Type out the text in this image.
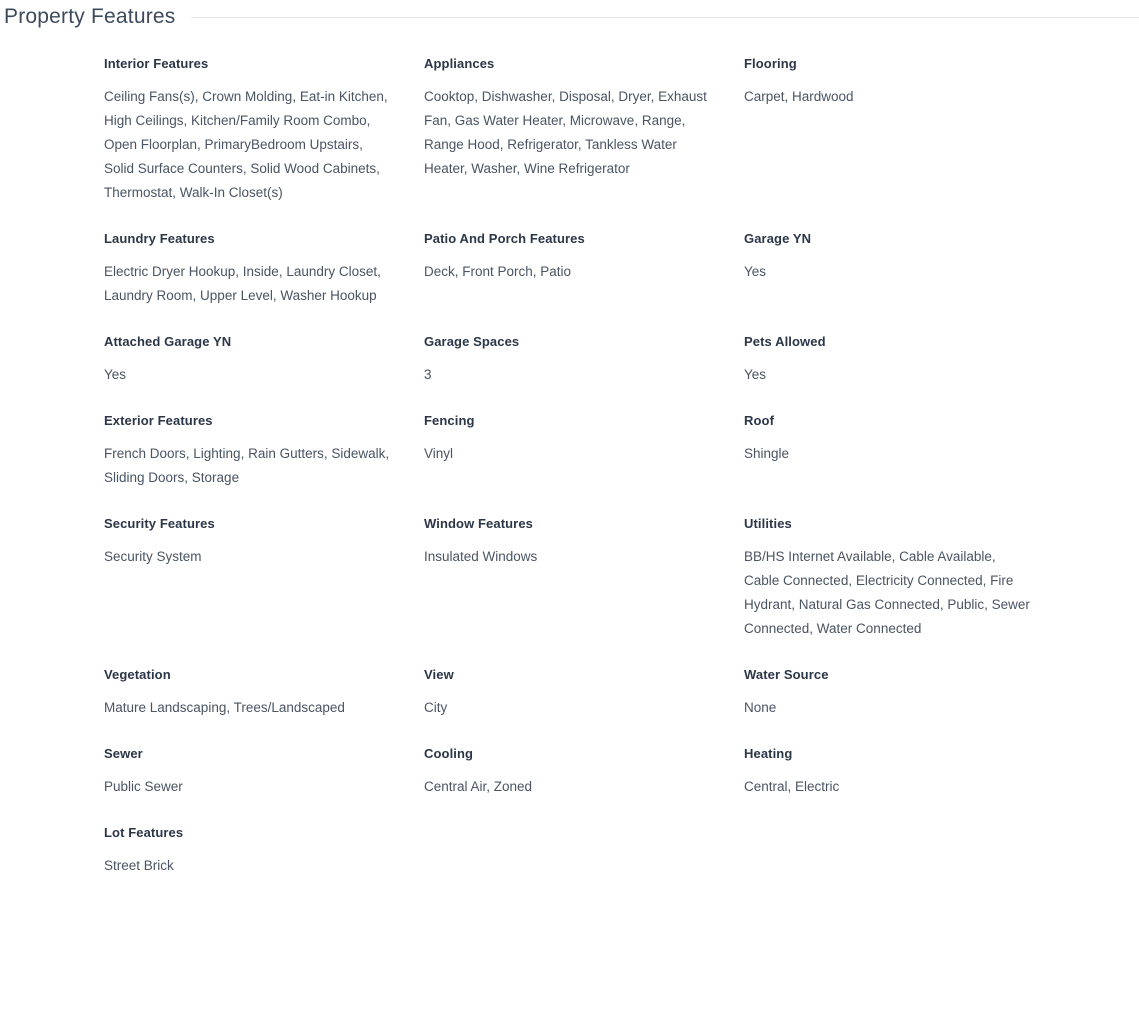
Property Features
Interior Features
Ceiling Fans(s), Crown Molding, Eat-in Kitchen, High Ceilings, Kitchen/Family Room Combo, Open Floorplan, PrimaryBedroom Upstairs, Solid Surface Counters, Solid Wood Cabinets, Thermostat, Walk-In Closet(s)
Appliances
Cooktop, Dishwasher, Disposal, Dryer, Exhaust Fan, Gas Water Heater, Microwave, Range, Range Hood, Refrigerator, Tankless Water Heater, Washer, Wine Refrigerator
Flooring
Carpet, Hardwood
Laundry Features
Electric Dryer Hookup, Inside, Laundry Closet, Laundry Room, Upper Level, Washer Hookup
Patio And Porch Features
Deck, Front Porch, Patio
Garage YN
Yes
Attached Garage YN
Yes
Garage Spaces
3
Pets Allowed
Yes
Exterior Features
French Doors, Lighting, Rain Gutters, Sidewalk, Sliding Doors, Storage
Fencing
Vinyl
Roof
Shingle
Security Features
Security System
Window Features
Insulated Windows
Utilities
BB/HS Internet Available, Cable Available, Cable Connected, Electricity Connected, Fire Hydrant, Natural Gas Connected, Public, Sewer Connected, Water Connected
Vegetation
Mature Landscaping, Trees/Landscaped
View
City
Water Source
None
Sewer
Public Sewer
Cooling
Central Air, Zoned
Heating
Central, Electric
Lot Features
Street Brick
